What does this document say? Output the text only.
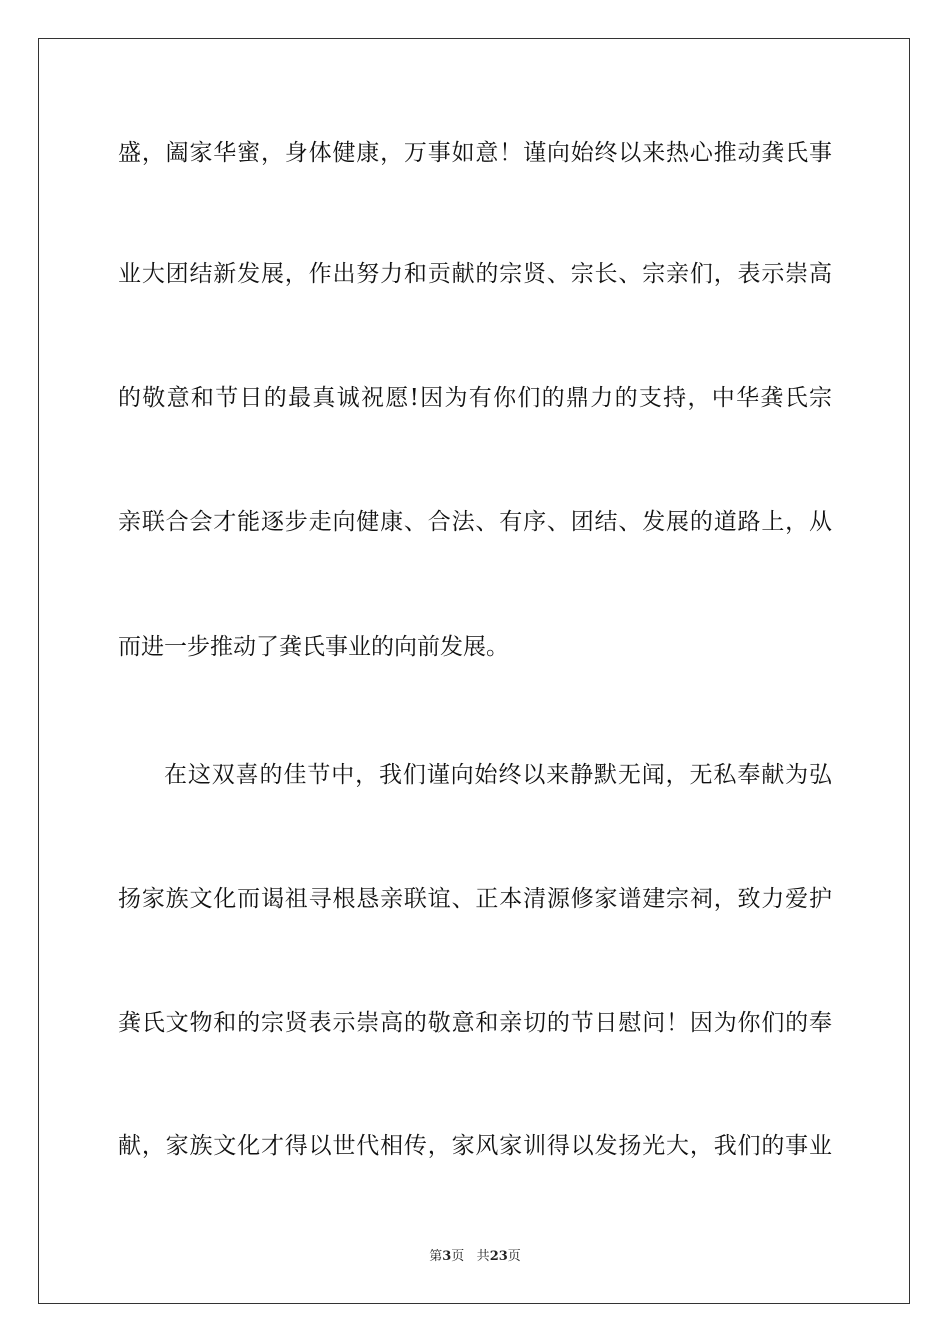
盛，阖家华蜜，身体健康，万事如意！谨向始终以来热心推动龚氏事
业大团结新发展，作出努力和贡献的宗贤、宗长、宗亲们，表示崇高
的敬意和节日的最真诚祝愿!因为有你们的鼎力的支持，中华龚氏宗
亲联合会才能逐步走向健康、合法、有序、团结、发展的道路上，从
而进一步推动了龚氏事业的向前发展。
在这双喜的佳节中，我们谨向始终以来静默无闻，无私奉献为弘
扬家族文化而谒祖寻根恳亲联谊、正本清源修家谱建宗祠，致力爱护
龚氏文物和的宗贤表示崇高的敬意和亲切的节日慰问！因为你们的奉
献，家族文化才得以世代相传，家风家训得以发扬光大，我们的事业
第3页 共23页
